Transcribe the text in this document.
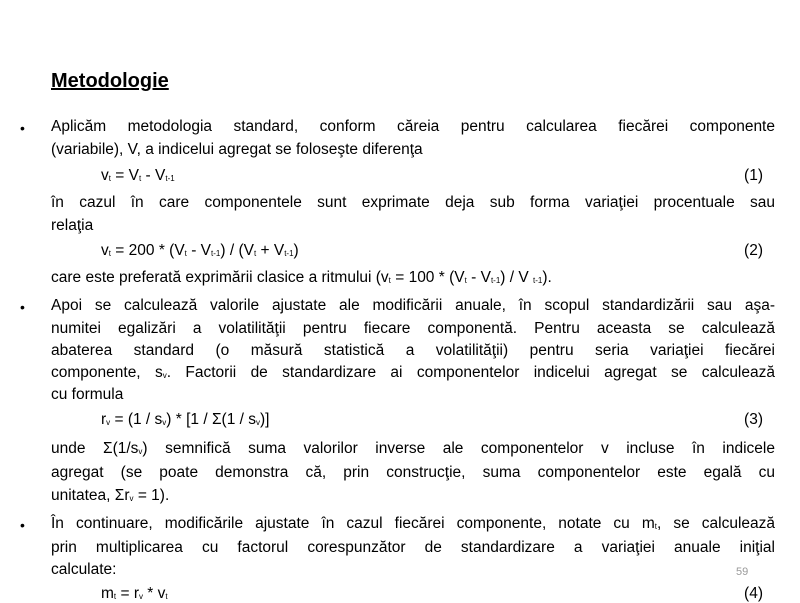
Metodologie
• Aplicăm metodologia standard, conform căreia pentru calcularea fiecărei componente
(variabile), V, a indicelui agregat se foloseşte diferenţa
$v_t = V_t - V_{t-1}$	(1)
în cazul în care componentele sunt exprimate deja sub forma variaţiei procentuale sau
relaţia
$v_t = 200 * (V_t - V_{t-1}) / (V_t + V_{t-1})$	(2)
care este preferată exprimării clasice a ritmului ($v_t = 100 * (V_t - V_{t-1}) / V$ $_{t-1}$).
• Apoi se calculează valorile ajustate ale modificării anuale, în scopul standardizării sau aşa-
numitei egalizări a volatilităţii pentru fiecare componentă. Pentru aceasta se calculează
abaterea standard (o măsură statistică a volatilităţii) pentru seria variaţiei fiecărei
componente, $s_v$. Factorii de standardizare ai componentelor indicelui agregat se calculează
cu formula
$r_v = (1 / s_v) * [1 / \Sigma(1 / s_v)]$	(3)
unde $\Sigma(1/s_v)$ semnifică suma valorilor inverse ale componentelor v incluse în indicele
agregat (se poate demonstra că, prin construcţie, suma componentelor este egală cu
unitatea, $\Sigma r_v = 1$).
• În continuare, modificările ajustate în cazul fiecărei componente, notate cu $m_t$, se calculează
prin multiplicarea cu factorul corespunzător de standardizare a variaţiei anuale iniţial
calculate:
$m_t = r_v * v_t$	(4)
59
